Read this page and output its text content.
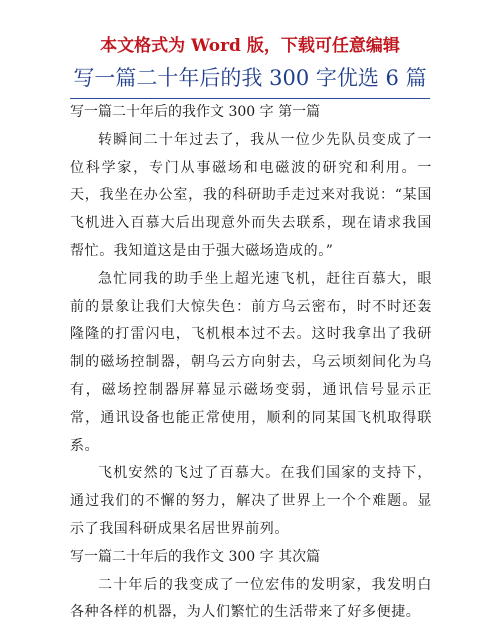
本文格式为 Word 版，下载可任意编辑
写一篇二十年后的我 300 字优选 6 篇

写一篇二十年后的我作文 300 字 第一篇

转瞬间二十年过去了，我从一位少先队员变成了一位科学家，专门从事磁场和电磁波的研究和利用。一天，我坐在办公室，我的科研助手走过来对我说：“某国飞机进入百慕大后出现意外而失去联系，现在请求我国帮忙。我知道这是由于强大磁场造成的。”

急忙同我的助手坐上超光速飞机，赶往百慕大，眼前的景象让我们大惊失色：前方乌云密布，时不时还轰隆隆的打雷闪电，飞机根本过不去。这时我拿出了我研制的磁场控制器，朝乌云方向射去，乌云顷刻间化为乌有，磁场控制器屏幕显示磁场变弱，通讯信号显示正常，通讯设备也能正常使用，顺利的同某国飞机取得联系。

飞机安然的飞过了百慕大。在我们国家的支持下，通过我们的不懈的努力，解决了世界上一个个难题。显示了我国科研成果名居世界前列。

写一篇二十年后的我作文 300 字 其次篇

二十年后的我变成了一位宏伟的发明家，我发明白各种各样的机器，为人们繁忙的生活带来了好多便捷。
